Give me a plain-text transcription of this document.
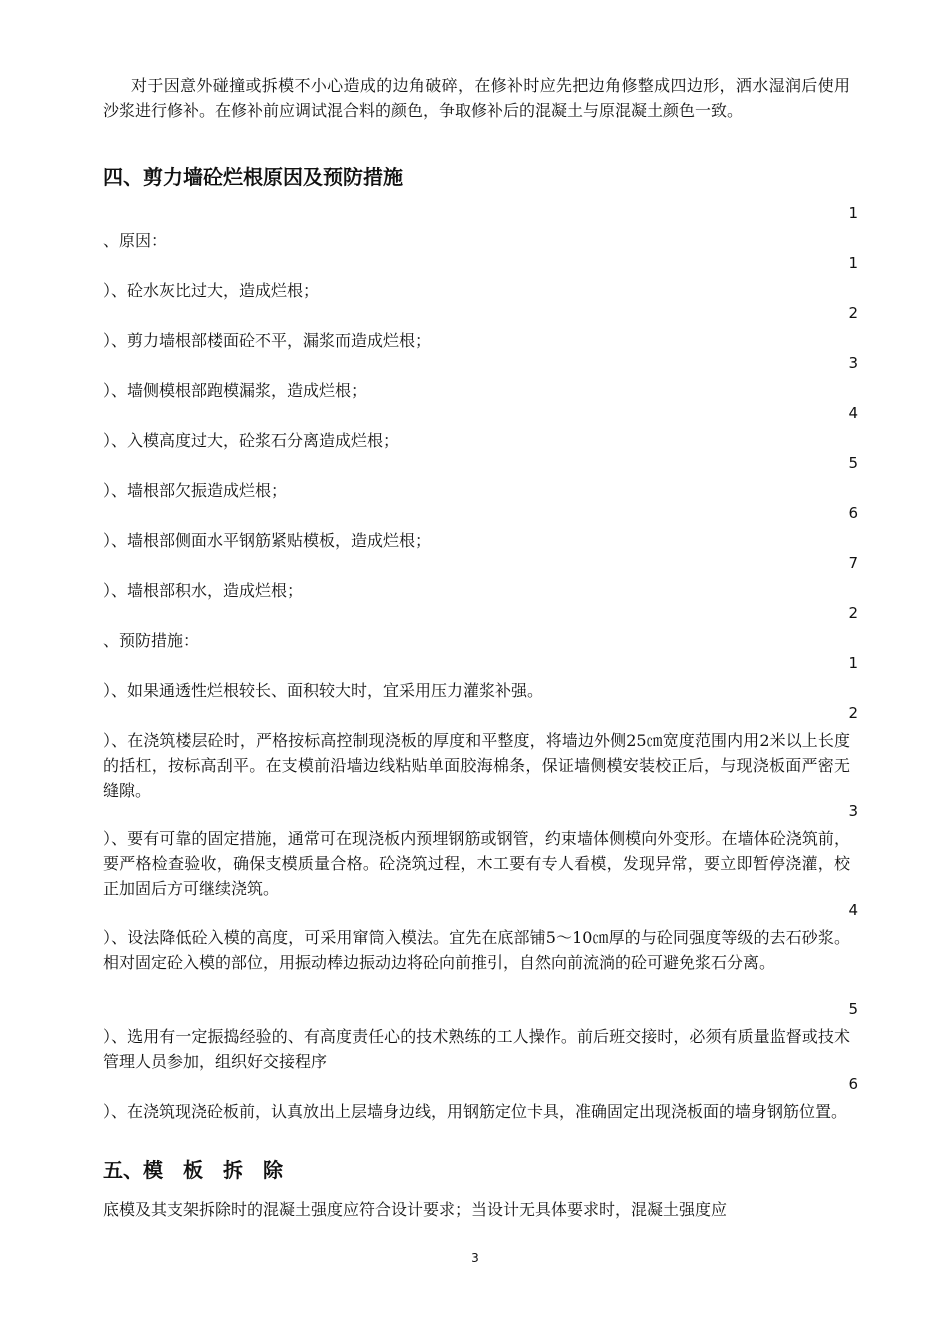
对于因意外碰撞或拆模不小心造成的边角破碎，在修补时应先把边角修整成四边形，洒水湿润后使用沙浆进行修补。在修补前应调试混合料的颜色，争取修补后的混凝土与原混凝土颜色一致。
四、剪力墙砼烂根原因及预防措施
1
、原因：
1
）、砼水灰比过大，造成烂根；
2
）、剪力墙根部楼面砼不平，漏浆而造成烂根；
3
）、墙侧模根部跑模漏浆，造成烂根；
4
）、入模高度过大，砼浆石分离造成烂根；
5
）、墙根部欠振造成烂根；
6
）、墙根部侧面水平钢筋紧贴模板，造成烂根；
7
）、墙根部积水，造成烂根；
2
、预防措施：
1
）、如果通透性烂根较长、面积较大时，宜采用压力灌浆补强。
2
）、在浇筑楼层砼时，严格按标高控制现浇板的厚度和平整度，将墙边外侧25㎝宽度范围内用2米以上长度的括杠，按标高刮平。在支模前沿墙边线粘贴单面胶海棉条，保证墙侧模安装校正后，与现浇板面严密无缝隙。
3
）、要有可靠的固定措施，通常可在现浇板内预埋钢筋或钢管，约束墙体侧模向外变形。在墙体砼浇筑前，要严格检查验收，确保支模质量合格。砼浇筑过程，木工要有专人看模，发现异常，要立即暂停浇灌，校正加固后方可继续浇筑。
4
）、设法降低砼入模的高度，可采用窜筒入模法。宜先在底部铺5～10㎝厚的与砼同强度等级的去石砂浆。相对固定砼入模的部位，用振动棒边振动边将砼向前推引，自然向前流淌的砼可避免浆石分离。
5
）、选用有一定振捣经验的、有高度责任心的技术熟练的工人操作。前后班交接时，必须有质量监督或技术管理人员参加，组织好交接程序
6
）、在浇筑现浇砼板前，认真放出上层墙身边线，用钢筋定位卡具，准确固定出现浇板面的墙身钢筋位置。
五、模　板　拆　除
底模及其支架拆除时的混凝土强度应符合设计要求；当设计无具体要求时，混凝土强度应
3
